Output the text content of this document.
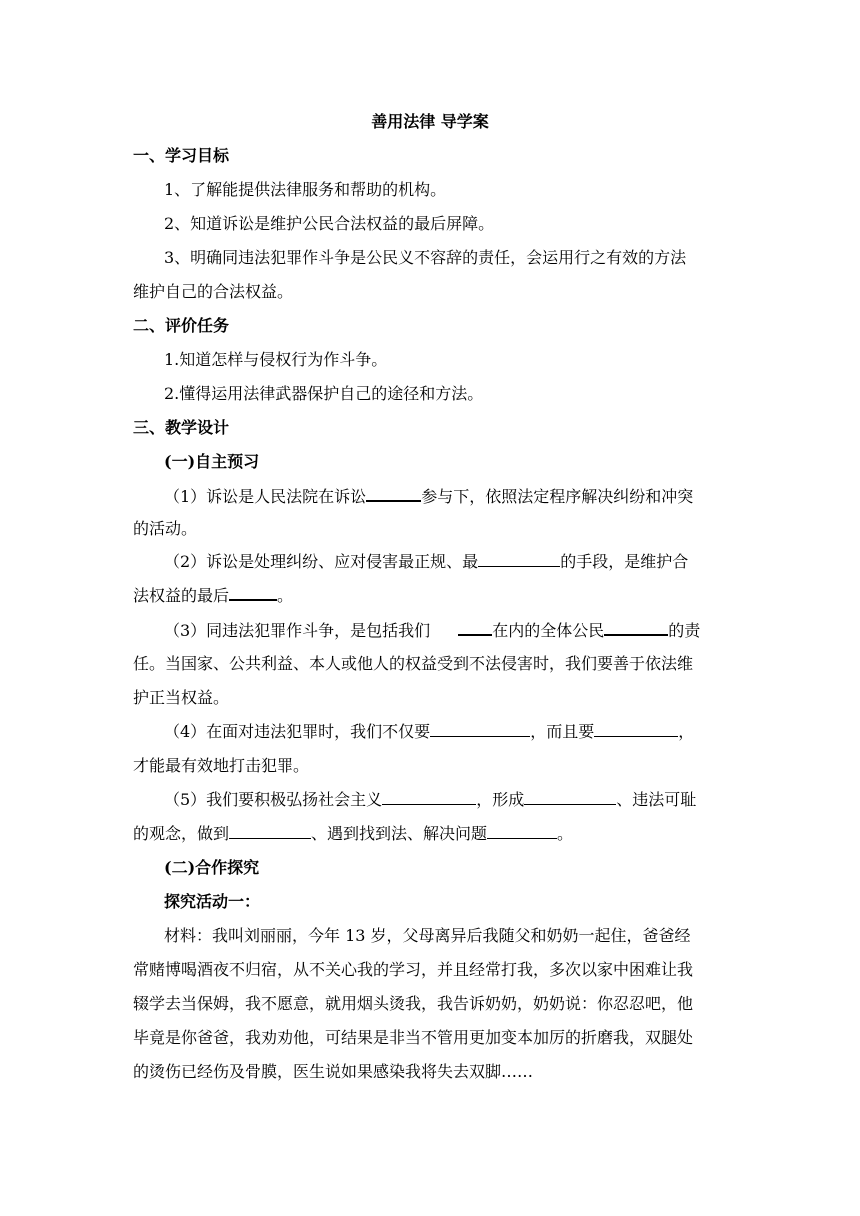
善用法律 导学案
一、学习目标
1、了解能提供法律服务和帮助的机构。
2、知道诉讼是维护公民合法权益的最后屏障。
3、明确同违法犯罪作斗争是公民义不容辞的责任，会运用行之有效的方法
维护自己的合法权益。
二、评价任务
1.知道怎样与侵权行为作斗争。
2.懂得运用法律武器保护自己的途径和方法。
三、教学设计
(一)自主预习
（1）诉讼是人民法院在诉讼	参与下，依照法定程序解决纠纷和冲突
的活动。
（2）诉讼是处理纠纷、应对侵害最正规、最	的手段，是维护合
法权益的最后	。
（3）同违法犯罪作斗争，是包括我们	在内的全体公民	的责
任。当国家、公共利益、本人或他人的权益受到不法侵害时，我们要善于依法维
护正当权益。
（4）在面对违法犯罪时，我们不仅要	，而且要	，
才能最有效地打击犯罪。
（5）我们要积极弘扬社会主义	，形成	、违法可耻
的观念，做到	、遇到找到法、解决问题	。
(二)合作探究
探究活动一：
材料：我叫刘丽丽，今年 13 岁，父母离异后我随父和奶奶一起住，爸爸经
常赌博喝酒夜不归宿，从不关心我的学习，并且经常打我，多次以家中困难让我
辍学去当保姆，我不愿意，就用烟头烫我，我告诉奶奶，奶奶说：你忍忍吧，他
毕竟是你爸爸，我劝劝他，可结果是非当不管用更加变本加厉的折磨我，双腿处
的烫伤已经伤及骨膜，医生说如果感染我将失去双脚……
